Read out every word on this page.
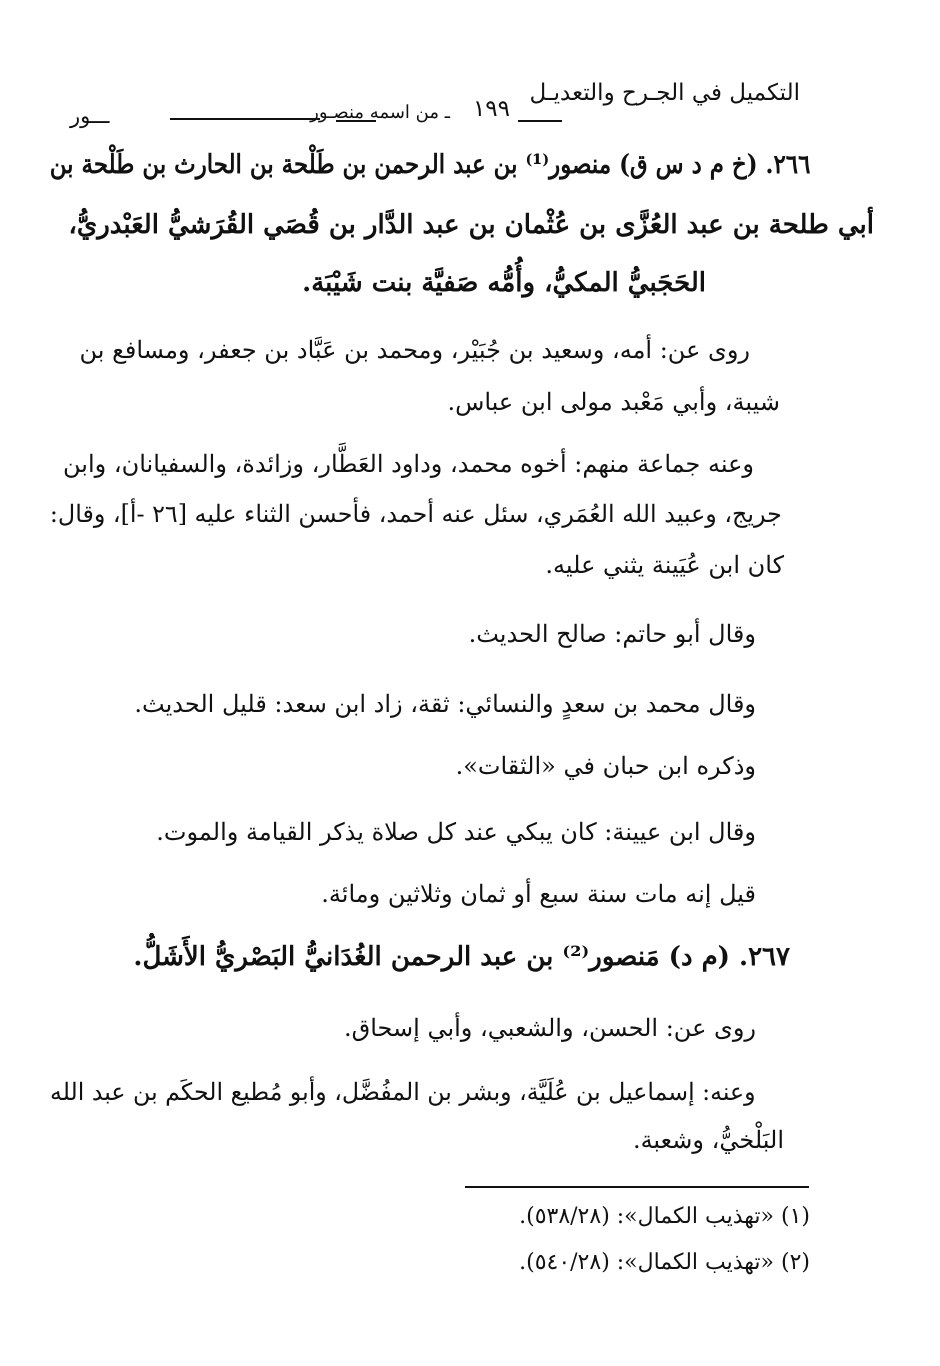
التكميل في الجـرح والتعديـل
١٩٩
ـ من اسمه منصـور
ـــور
٢٦٦. (خ م د س ق) منصور⁽¹⁾ بن عبد الرحمن بن طَلْحة بن الحارث بن طَلْحة بن
أبي طلحة بن عبد العُزَّى بن عُثْمان بن عبد الدَّار بن قُصَي القُرَشيُّ العَبْدريُّ،
الحَجَبيُّ المكيُّ، وأُمُّه صَفيَّة بنت شَيْبَة.
روى عن: أمه، وسعيد بن جُبَيْر، ومحمد بن عَبَّاد بن جعفر، ومسافع بن
شيبة، وأبي مَعْبد مولى ابن عباس.
وعنه جماعة منهم: أخوه محمد، وداود العَطَّار، وزائدة، والسفيانان، وابن
جريج، وعبيد الله العُمَري، سئل عنه أحمد، فأحسن الثناء عليه [٢٦ -أ]، وقال:
كان ابن عُيَينة يثني عليه.
وقال أبو حاتم: صالح الحديث.
وقال محمد بن سعدٍ والنسائي: ثقة، زاد ابن سعد: قليل الحديث.
وذكره ابن حبان في «الثقات».
وقال ابن عيينة: كان يبكي عند كل صلاة يذكر القيامة والموت.
قيل إنه مات سنة سبع أو ثمان وثلاثين ومائة.
٢٦٧. (م د) مَنصور⁽²⁾ بن عبد الرحمن الغُدَانيُّ البَصْريُّ الأَشَلُّ.
روى عن: الحسن، والشعبي، وأبي إسحاق.
وعنه: إسماعيل بن عُلَيَّة، وبشر بن المفُضَّل، وأبو مُطيع الحكَم بن عبد الله
البَلْخيُّ، وشعبة.
(١) «تهذيب الكمال»: (٥٣٨/٢٨).
(٢) «تهذيب الكمال»: (٥٤٠/٢٨).
